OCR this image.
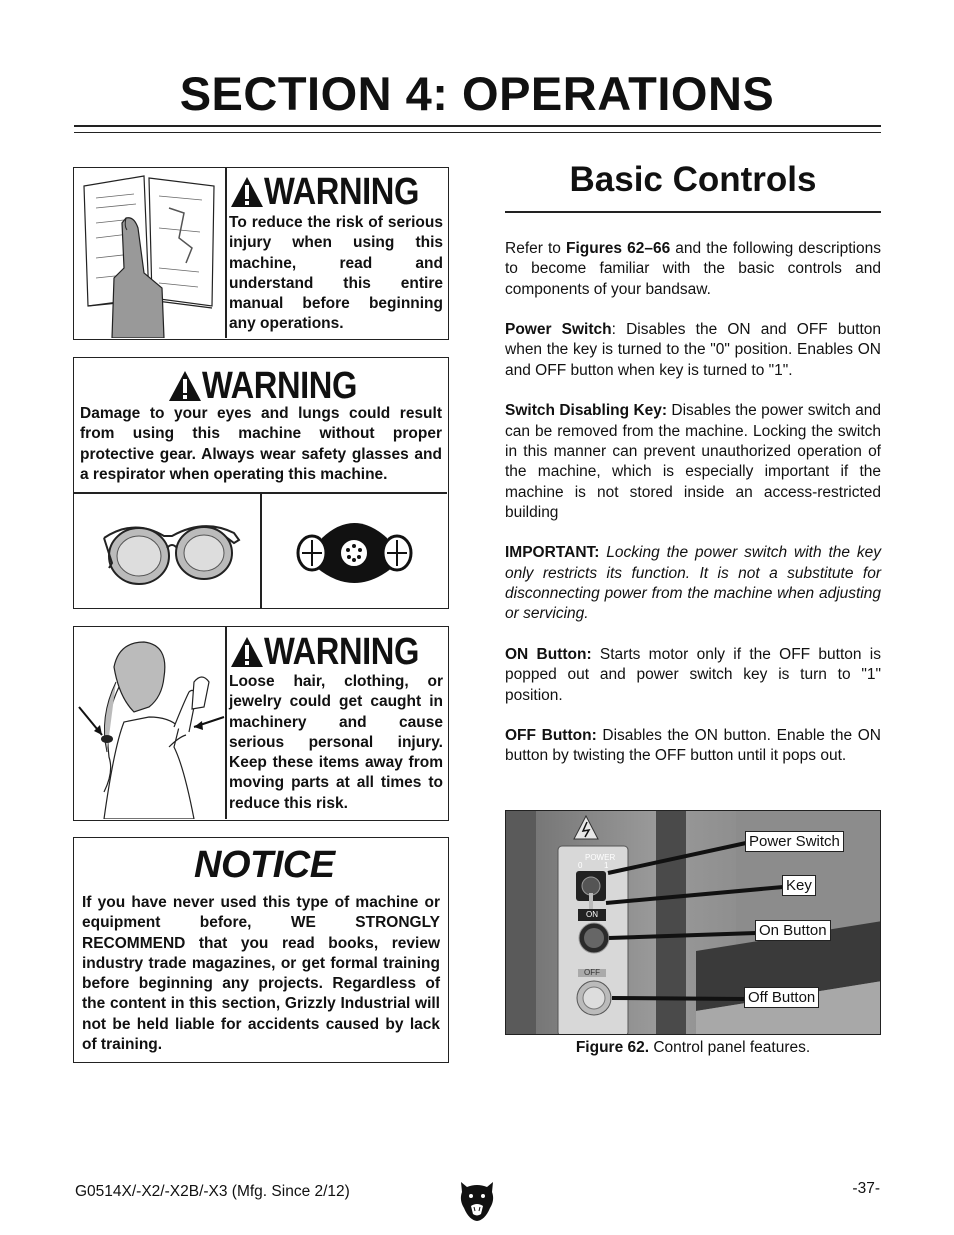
SECTION 4: OPERATIONS
WARNING
To reduce the risk of serious injury when using this machine, read and understand this entire manual before beginning any operations.
WARNING
Damage to your eyes and lungs could result from using this machine without proper protective gear. Always wear safety glasses and a respirator when operating this machine.
WARNING
Loose hair, clothing, or jewelry could get caught in machinery and cause serious personal injury. Keep these items away from moving parts at all times to reduce this risk.
NOTICE
If you have never used this type of machine or equipment before, WE STRONGLY RECOMMEND that you read books, review industry trade magazines, or get formal training before beginning any projects. Regardless of the content in this section, Grizzly Industrial will not be held liable for accidents caused by lack of training.
Basic Controls

Refer to Figures 62–66 and the following descriptions to become familiar with the basic controls and components of your bandsaw.

Power Switch: Disables the ON and OFF button when the key is turned to the "0" position. Enables ON and OFF button when key is turned to "1".

Switch Disabling Key: Disables the power switch and can be removed from the machine. Locking the switch in this manner can prevent unauthorized operation of the machine, which is especially important if the machine is not stored inside an access-restricted building

IMPORTANT: Locking the power switch with the key only restricts its function. It is not a substitute for disconnecting power from the machine when adjusting or servicing.

ON Button: Starts motor only if the OFF button is popped out and power switch key is turn to "1" position.

OFF Button: Disables the ON button. Enable the ON button by twisting the OFF button until it pops out.

POWER
0	1
ON
OFF
Power Switch
Key
On Button
Off Button
Figure 62. Control panel features.
G0514X/-X2/-X2B/-X3 (Mfg. Since 2/12)	-37-
